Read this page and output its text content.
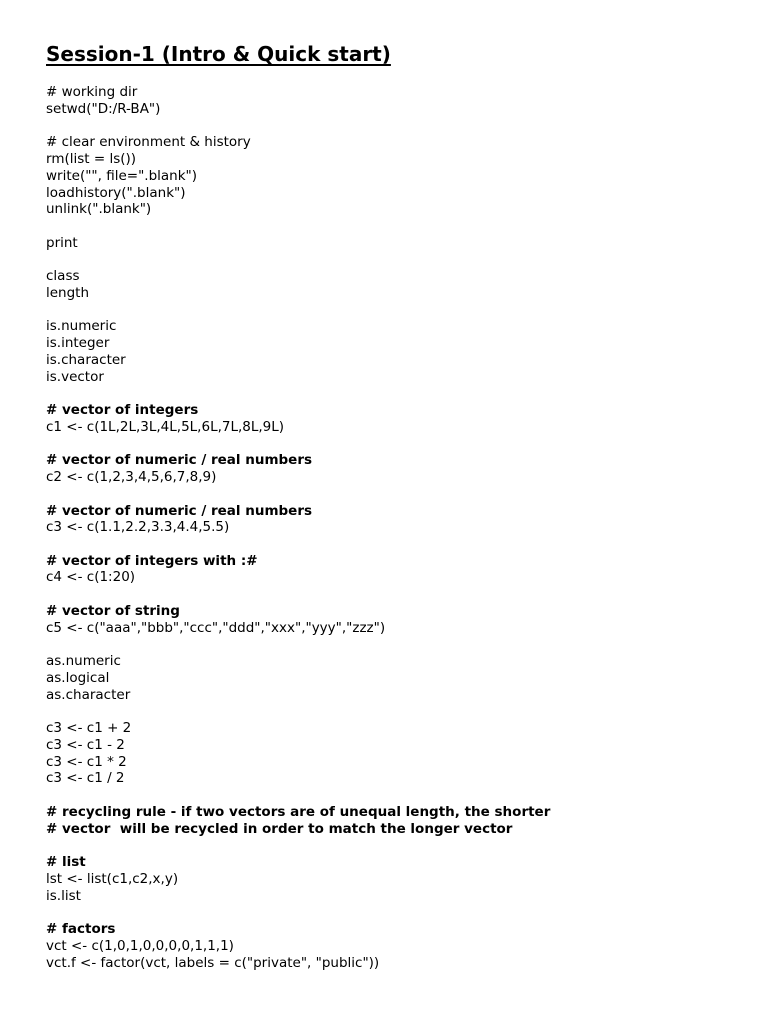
Session-1 (Intro & Quick start)
# working dir
setwd("D:/R-BA")
# clear environment & history
rm(list = ls())
write("", file=".blank")
loadhistory(".blank")
unlink(".blank")
print
class
length
is.numeric
is.integer
is.character
is.vector
# vector of integers
c1 <- c(1L,2L,3L,4L,5L,6L,7L,8L,9L)
# vector of numeric / real numbers
c2 <- c(1,2,3,4,5,6,7,8,9)
# vector of numeric / real numbers
c3 <- c(1.1,2.2,3.3,4.4,5.5)
# vector of integers with :#
c4 <- c(1:20)
# vector of string
c5 <- c("aaa","bbb","ccc","ddd","xxx","yyy","zzz")
as.numeric
as.logical
as.character
c3 <- c1 + 2
c3 <- c1 - 2
c3 <- c1 * 2
c3 <- c1 / 2
# recycling rule - if two vectors are of unequal length, the shorter
# vector  will be recycled in order to match the longer vector
# list
lst <- list(c1,c2,x,y)
is.list
# factors
vct <- c(1,0,1,0,0,0,0,1,1,1)
vct.f <- factor(vct, labels = c("private", "public"))
